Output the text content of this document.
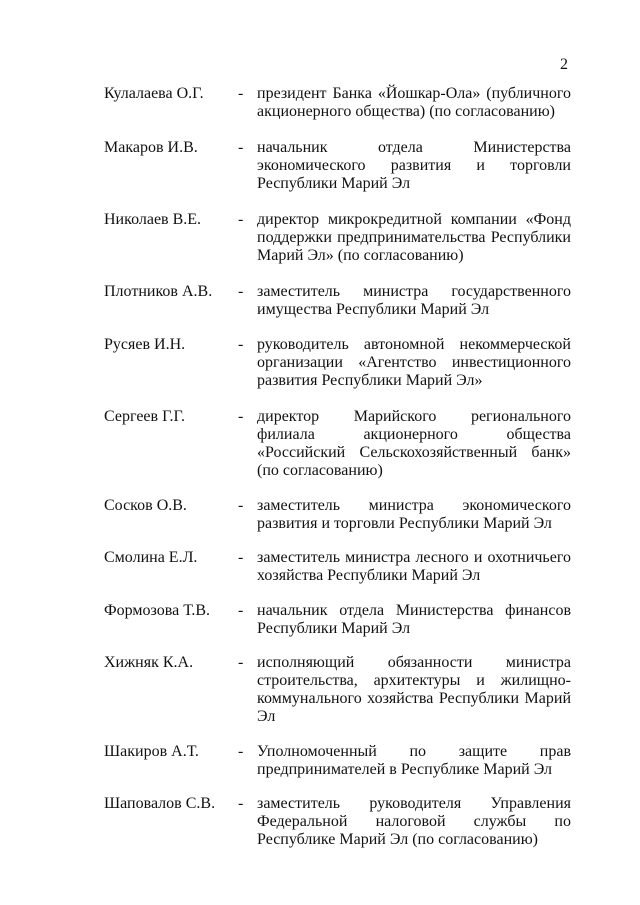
2
Кулалаева О.Г. - президент Банка «Йошкар-Ола» (публичного акционерного общества) (по согласованию)
Макаров И.В.	- начальник отдела Министерства экономического развития и торговли Республики Марий Эл
Николаев В.Е. - директор микрокредитной компании «Фонд поддержки предпринимательства Республики Марий Эл» (по согласованию)
Плотников А.В. - заместитель министра государственного имущества Республики Марий Эл
Русяев И.Н.	- руководитель автономной некоммерческой организации «Агентство инвестиционного развития Республики Марий Эл»
Сергеев Г.Г.	- директор Марийского регионального филиала акционерного общества «Российский Сельскохозяйственный банк» (по согласованию)
Сосков О.В.	- заместитель министра экономического развития и торговли Республики Марий Эл
Смолина Е.Л.	- заместитель министра лесного и охотничьего хозяйства Республики Марий Эл
Формозова Т.В. - начальник отдела Министерства финансов Республики Марий Эл
Хижняк К.А.	- исполняющий обязанности министра строительства, архитектуры и жилищно-коммунального хозяйства Республики Марий Эл
Шакиров А.Т. - Уполномоченный по защите прав предпринимателей в Республике Марий Эл
Шаповалов С.В. - заместитель руководителя Управления Федеральной налоговой службы по Республике Марий Эл (по согласованию)
